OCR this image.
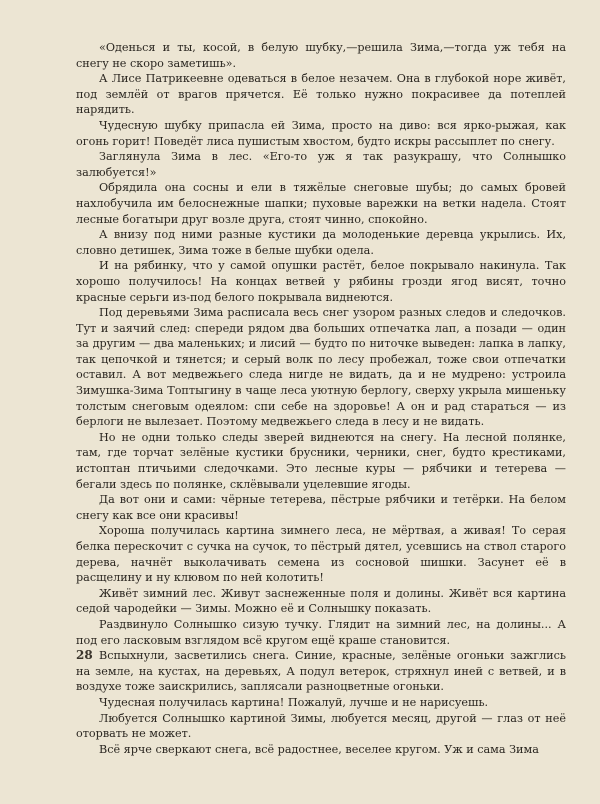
«Оденься и ты, косой, в белую шубку,—решила Зима,—тогда уж тебя на снегу не скоро заметишь».

А Лисе Патрикеевне одеваться в белое незачем. Она в глубокой норе живёт, под землёй от врагов прячется. Её только нужно покрасивее да потеплей нарядить.

Чудесную шубку припасла ей Зима, просто на диво: вся ярко-рыжая, как огонь горит! Поведёт лиса пушистым хвостом, будто искры рассыплет по снегу.

Заглянула Зима в лес. «Его-то уж я так разукрашу, что Солнышко залюбуется!»

Обрядила она сосны и ели в тяжёлые снеговые шубы; до самых бровей нахлобучила им белоснежные шапки; пуховые варежки на ветки надела. Стоят лесные богатыри друг возле друга, стоят чинно, спокойно.

А внизу под ними разные кустики да молоденькие деревца укрылись. Их, словно детишек, Зима тоже в белые шубки одела.

И на рябинку, что у самой опушки растёт, белое покрывало накинула. Так хорошо получилось! На концах ветвей у рябины грозди ягод висят, точно красные серьги из-под белого покрывала виднеются.

Под деревьями Зима расписала весь снег узором разных следов и следочков. Тут и заячий след: спереди рядом два больших отпечатка лап, а позади — один за другим — два маленьких; и лисий — будто по ниточке выведен: лапка в лапку, так цепочкой и тянется; и серый волк по лесу пробежал, тоже свои отпечатки оставил. А вот медвежьего следа нигде не видать, да и не мудрено: устроила Зимушка-Зима Топтыгину в чаще леса уютную берлогу, сверху укрыла мишеньку толстым снеговым одеялом: спи себе на здоровье! А он и рад стараться — из берлоги не вылезает. Поэтому медвежьего следа в лесу и не видать.

Но не одни только следы зверей виднеются на снегу. На лесной полянке, там, где торчат зелёные кустики брусники, черники, снег, будто крестиками, истоптан птичьими следочками. Это лесные куры — рябчики и тетерева — бегали здесь по полянке, склёвывали уцелевшие ягоды.

Да вот они и сами: чёрные тетерева, пёстрые рябчики и тетёрки. На белом снегу как все они красивы!

Хороша получилась картина зимнего леса, не мёртвая, а живая! То серая белка перескочит с сучка на сучок, то пёстрый дятел, усевшись на ствол старого дерева, начнёт выколачивать семена из сосновой шишки. Засунет её в расщелину и ну клювом по ней колотить!

Живёт зимний лес. Живут заснеженные поля и долины. Живёт вся картина седой чародейки — Зимы. Можно её и Солнышку показать.

Раздвинуло Солнышко сизую тучку. Глядит на зимний лес, на долины... А под его ласковым взглядом всё кругом ещё краше становится.

Вспыхнули, засветились снега. Синие, красные, зелёные огоньки зажглись на земле, на кустах, на деревьях, А подул ветерок, стряхнул иней с ветвей, и в воздухе тоже заискрились, заплясали разноцветные огоньки.

Чудесная получилась картина! Пожалуй, лучше и не нарисуешь.

Любуется Солнышко картиной Зимы, любуется месяц, другой — глаз от неё оторвать не может.

Всё ярче сверкают снега, всё радостнее, веселее кругом. Уж и сама Зима

28
